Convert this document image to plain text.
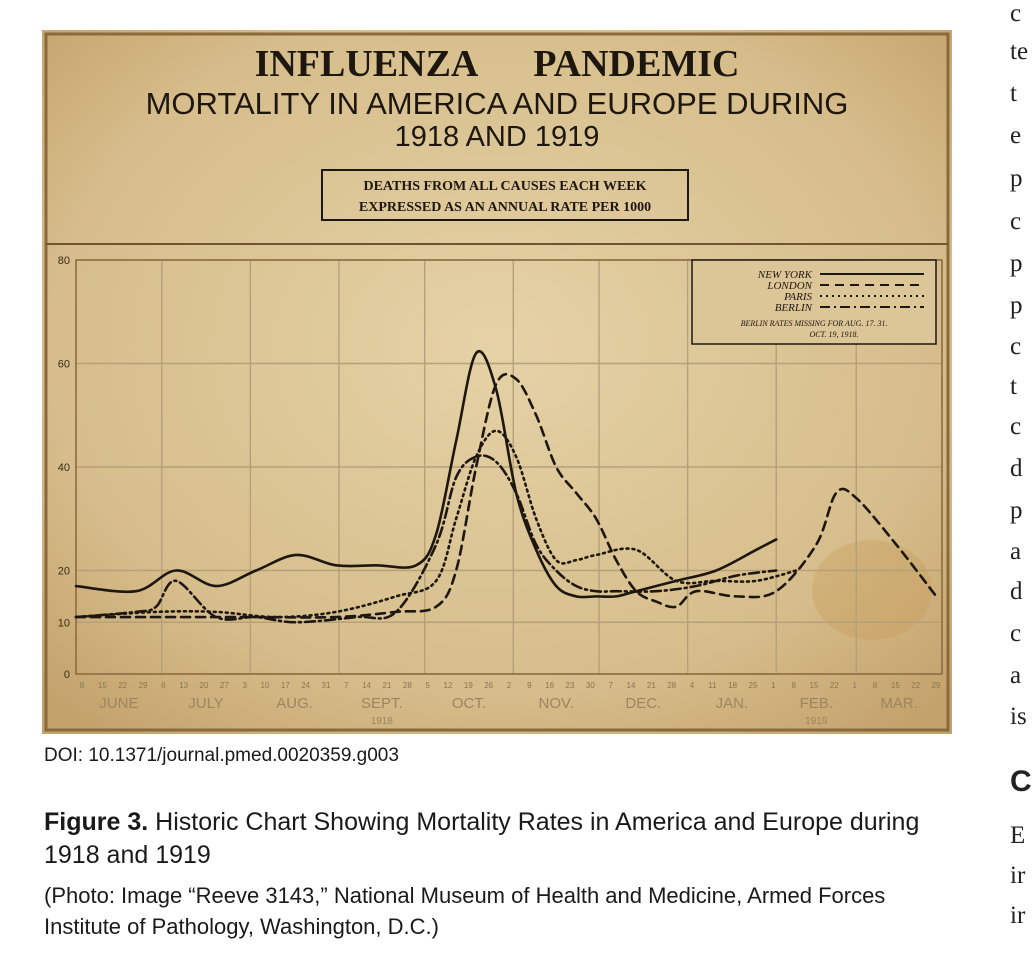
INFLUENZA      PANDEMIC
MORTALITY IN AMERICA AND EUROPE DURING
1918 AND 1919
DEATHS FROM ALL CAUSES EACH WEEK
EXPRESSED AS AN ANNUAL RATE PER 1000
0
10
20
40
60
80
8 15 22 29 6 13 20 27 3 10 17 24 31 7 14 21 28 5 12 19 26 2 9 16 23 30 7 14 21 28 4 11 18 25 1 8 15 22 1 8 15 22 29
JUNE	JULY	AUG.	SEPT.	OCT.	NOV.	DEC.	JAN.	FEB.	MAR.
1918	1919
NEW YORK
LONDON
PARIS
BERLIN
BERLIN RATES MISSING FOR AUG. 17. 31.
OCT. 19, 1918.
DOI: 10.1371/journal.pmed.0020359.g003
Figure 3. Historic Chart Showing Mortality Rates in America and Europe during 1918 and 1919
(Photo: Image “Reeve 3143,” National Museum of Health and Medicine, Armed Forces Institute of Pathology, Washington, D.C.)
c
te
t
e
p
c
p
p
c
t
c
d
p
a
d
c
a
is
C
E
ir
ir
